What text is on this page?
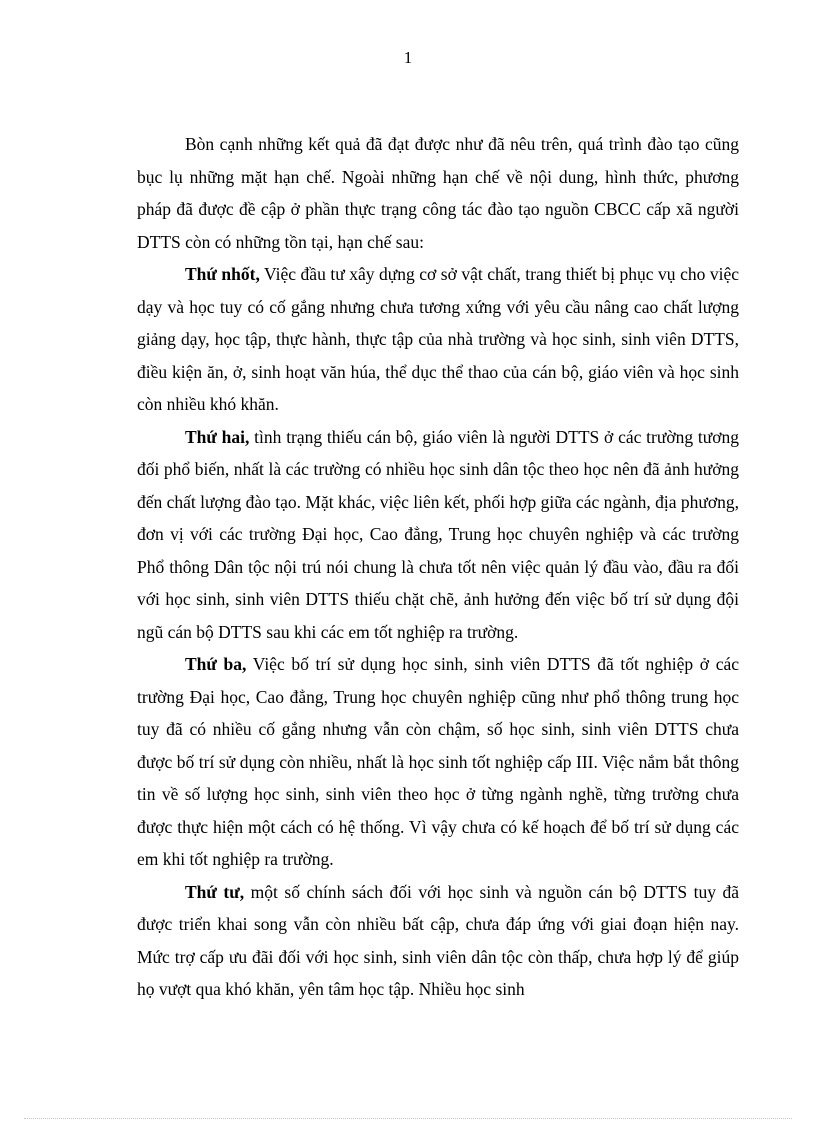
1

Bòn cạnh những kết quả đã đạt được như đã nêu trên, quá trình đào tạo cũng bục lụ những mặt hạn chế. Ngoài những hạn chế về nội dung, hình thức, phương pháp đã được đề cập ở phần thực trạng công tác đào tạo nguồn CBCC cấp xã người DTTS còn có những tồn tại, hạn chế sau:

Thứ nhốt, Việc đầu tư xây dựng cơ sở vật chất, trang thiết bị phục vụ cho việc dạy và học tuy có cố gắng nhưng chưa tương xứng với yêu cầu nâng cao chất lượng giảng dạy, học tập, thực hành, thực tập của nhà trường và học sinh, sinh viên DTTS, điều kiện ăn, ở, sinh hoạt văn húa, thể dục thể thao của cán bộ, giáo viên và học sinh còn nhiều khó khăn.

Thứ hai, tình trạng thiếu cán bộ, giáo viên là người DTTS ở các trường tương đối phổ biến, nhất là các trường có nhiều học sinh dân tộc theo học nên đã ảnh hưởng đến chất lượng đào tạo. Mặt khác, việc liên kết, phối hợp giữa các ngành, địa phương, đơn vị với các trường Đại học, Cao đẳng, Trung học chuyên nghiệp và các trường Phổ thông Dân tộc nội trú nói chung là chưa tốt nên việc quản lý đầu vào, đầu ra đối với học sinh, sinh viên DTTS thiếu chặt chẽ, ảnh hưởng đến việc bố trí sử dụng đội ngũ cán bộ DTTS sau khi các em tốt nghiệp ra trường.

Thứ ba, Việc bố trí sử dụng học sinh, sinh viên DTTS đã tốt nghiệp ở các trường Đại học, Cao đẳng, Trung học chuyên nghiệp cũng như phổ thông trung học tuy đã có nhiều cố gắng nhưng vẫn còn chậm, số học sinh, sinh viên DTTS chưa được bố trí sử dụng còn nhiều, nhất là học sinh tốt nghiệp cấp III. Việc nắm bắt thông tin về số lượng học sinh, sinh viên theo học ở từng ngành nghề, từng trường chưa được thực hiện một cách có hệ thống. Vì vậy chưa có kế hoạch để bố trí sử dụng các em khi tốt nghiệp ra trường.

Thứ tư, một số chính sách đối với học sinh và nguồn cán bộ DTTS tuy đã được triển khai song vẫn còn nhiều bất cập, chưa đáp ứng với giai đoạn hiện nay. Mức trợ cấp ưu đãi đối với học sinh, sinh viên dân tộc còn thấp, chưa hợp lý để giúp họ vượt qua khó khăn, yên tâm học tập. Nhiều học sinh
